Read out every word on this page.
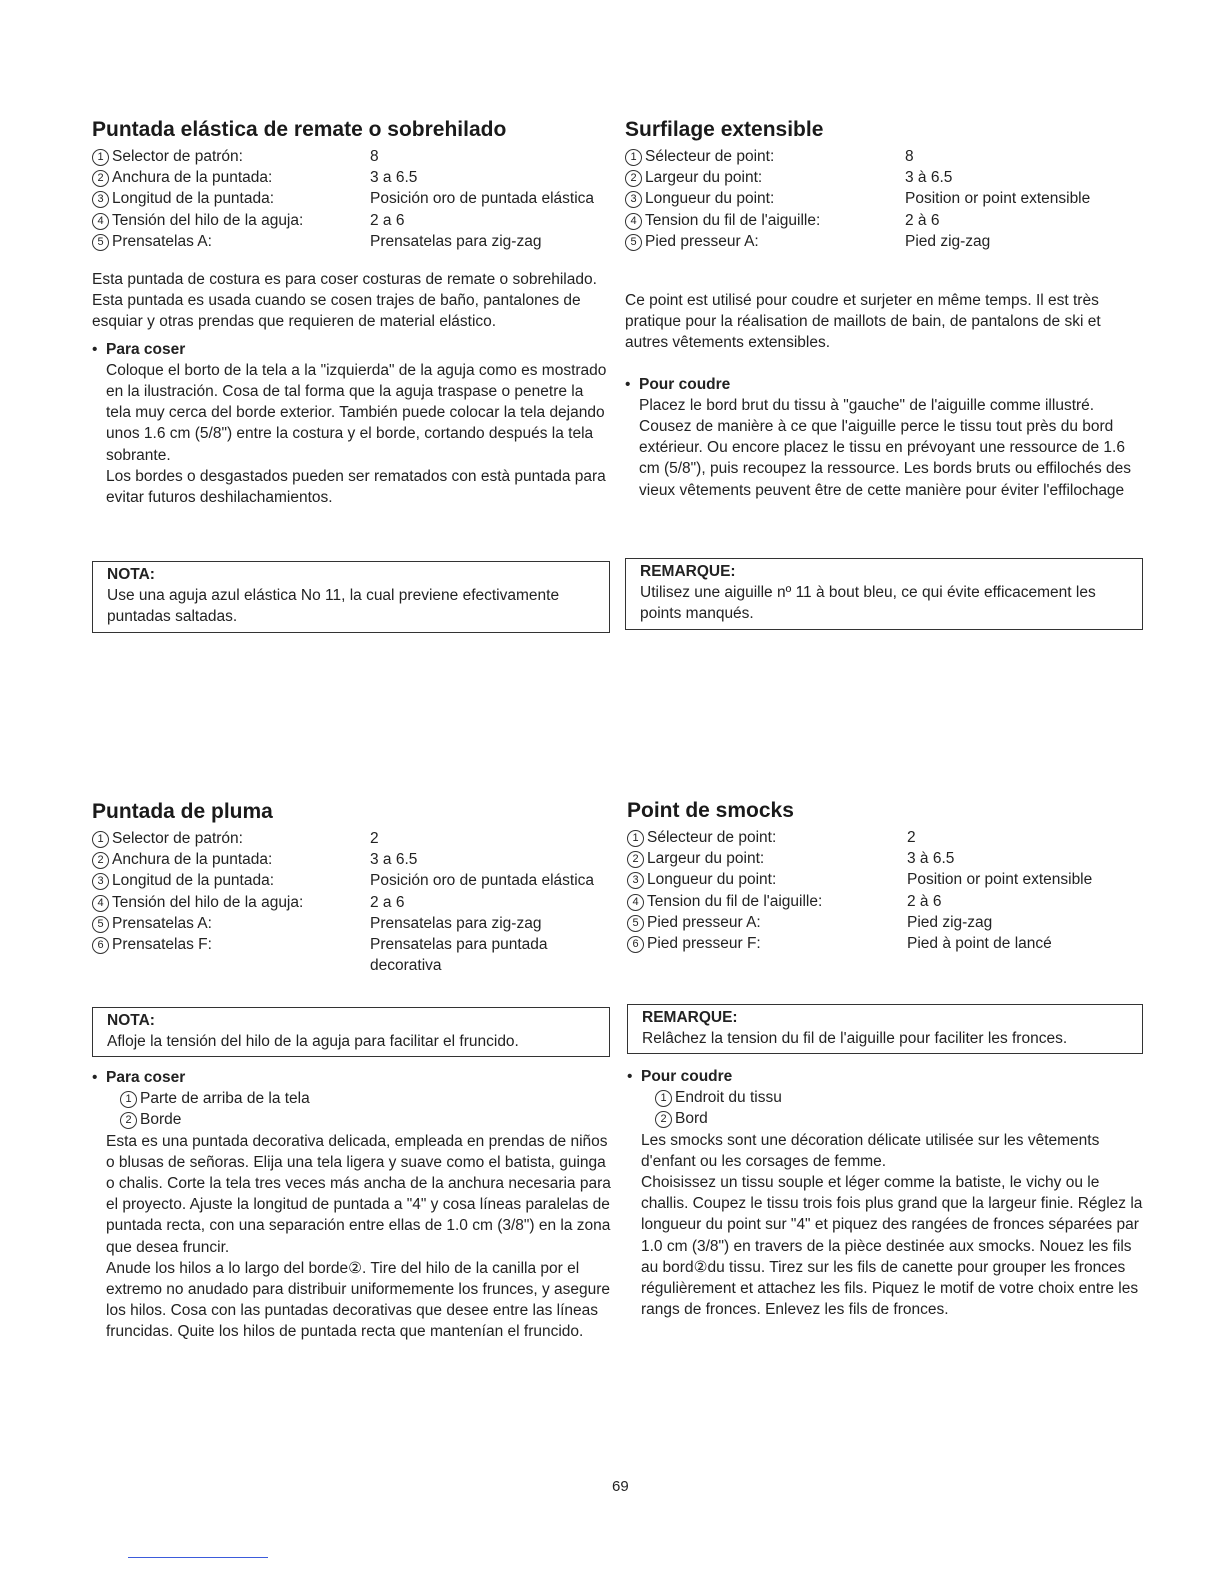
Puntada elástica de remate o sobrehilado
1 Selector de patrón:	8
2 Anchura de la puntada:	3 a 6.5
3 Longitud de la puntada:	Posición oro de puntada elástica
4 Tensión del hilo de la aguja:	2 a 6
5 Prensatelas A:	Prensatelas para zig-zag

Esta puntada de costura es para coser costuras de remate o sobrehilado. Esta puntada es usada cuando se cosen trajes de baño, pantalones de esquiar y otras prendas que requieren de material elástico.

• Para coser
Coloque el borto de la tela a la "izquierda" de la aguja como es mostrado en la ilustración. Cosa de tal forma que la aguja traspase o penetre la tela muy cerca del borde exterior. También puede colocar la tela dejando unos 1.6 cm (5/8") entre la costura y el borde, cortando después la tela sobrante.
Los bordes o desgastados pueden ser rematados con està puntada para evitar futuros deshilachamientos.
NOTA:
Use una aguja azul elástica No 11, la cual previene efectivamente puntadas saltadas.
Surfilage extensible
1 Sélecteur de point:	8
2 Largeur du point:	3 à 6.5
3 Longueur du point:	Position or point extensible
4 Tension du fil de l'aiguille:	2 à 6
5 Pied presseur A:	Pied zig-zag

Ce point est utilisé pour coudre et surjeter en même temps. Il est très pratique pour la réalisation de maillots de bain, de pantalons de ski et autres vêtements extensibles.

• Pour coudre
Placez le bord brut du tissu à "gauche" de l'aiguille comme illustré. Cousez de manière à ce que l'aiguille perce le tissu tout près du bord extérieur. Ou encore placez le tissu en prévoyant une ressource de 1.6 cm (5/8"), puis recoupez la ressource. Les bords bruts ou effilochés des vieux vêtements peuvent être de cette manière pour éviter l'effilochage
REMARQUE:
Utilisez une aiguille nº 11 à bout bleu, ce qui évite efficacement les points manqués.
Puntada de pluma
1 Selector de patrón:	2
2 Anchura de la puntada:	3 a 6.5
3 Longitud de la puntada:	Posición oro de puntada elástica
4 Tensión del hilo de la aguja:	2 a 6
5 Prensatelas A:	Prensatelas para zig-zag
6 Prensatelas F:	Prensatelas para puntada decorativa
NOTA:
Afloje la tensión del hilo de la aguja para facilitar el fruncido.
• Para coser
1 Parte de arriba de la tela
2 Borde
Esta es una puntada decorativa delicada, empleada en prendas de niños o blusas de señoras. Elija una tela ligera y suave como el batista, guinga o chalis. Corte la tela tres veces más ancha de la anchura necesaria para el proyecto. Ajuste la longitud de puntada a "4" y cosa líneas paralelas de puntada recta, con una separación entre ellas de 1.0 cm (3/8") en la zona que desea fruncir.
Anude los hilos a lo largo del borde②. Tire del hilo de la canilla por el extremo no anudado para distribuir uniformemente los frunces, y asegure los hilos. Cosa con las puntadas decorativas que desee entre las líneas fruncidas. Quite los hilos de puntada recta que mantenían el fruncido.
Point de smocks
1 Sélecteur de point:	2
2 Largeur du point:	3 à 6.5
3 Longueur du point:	Position or point extensible
4 Tension du fil de l'aiguille:	2 à 6
5 Pied presseur A:	Pied zig-zag
6 Pied presseur F:	Pied à point de lancé
REMARQUE:
Relâchez la tension du fil de l'aiguille pour faciliter les fronces.
• Pour coudre
1 Endroit du tissu
2 Bord
Les smocks sont une décoration délicate utilisée sur les vêtements d'enfant ou les corsages de femme.
Choisissez un tissu souple et léger comme la batiste, le vichy ou le challis. Coupez le tissu trois fois plus grand que la largeur finie. Réglez la longueur du point sur "4" et piquez des rangées de fronces séparées par 1.0 cm (3/8") en travers de la pièce destinée aux smocks. Nouez les fils au bord②du tissu. Tirez sur les fils de canette pour grouper les fronces régulièrement et attachez les fils. Piquez le motif de votre choix entre les rangs de fronces. Enlevez les fils de fronces.
69
